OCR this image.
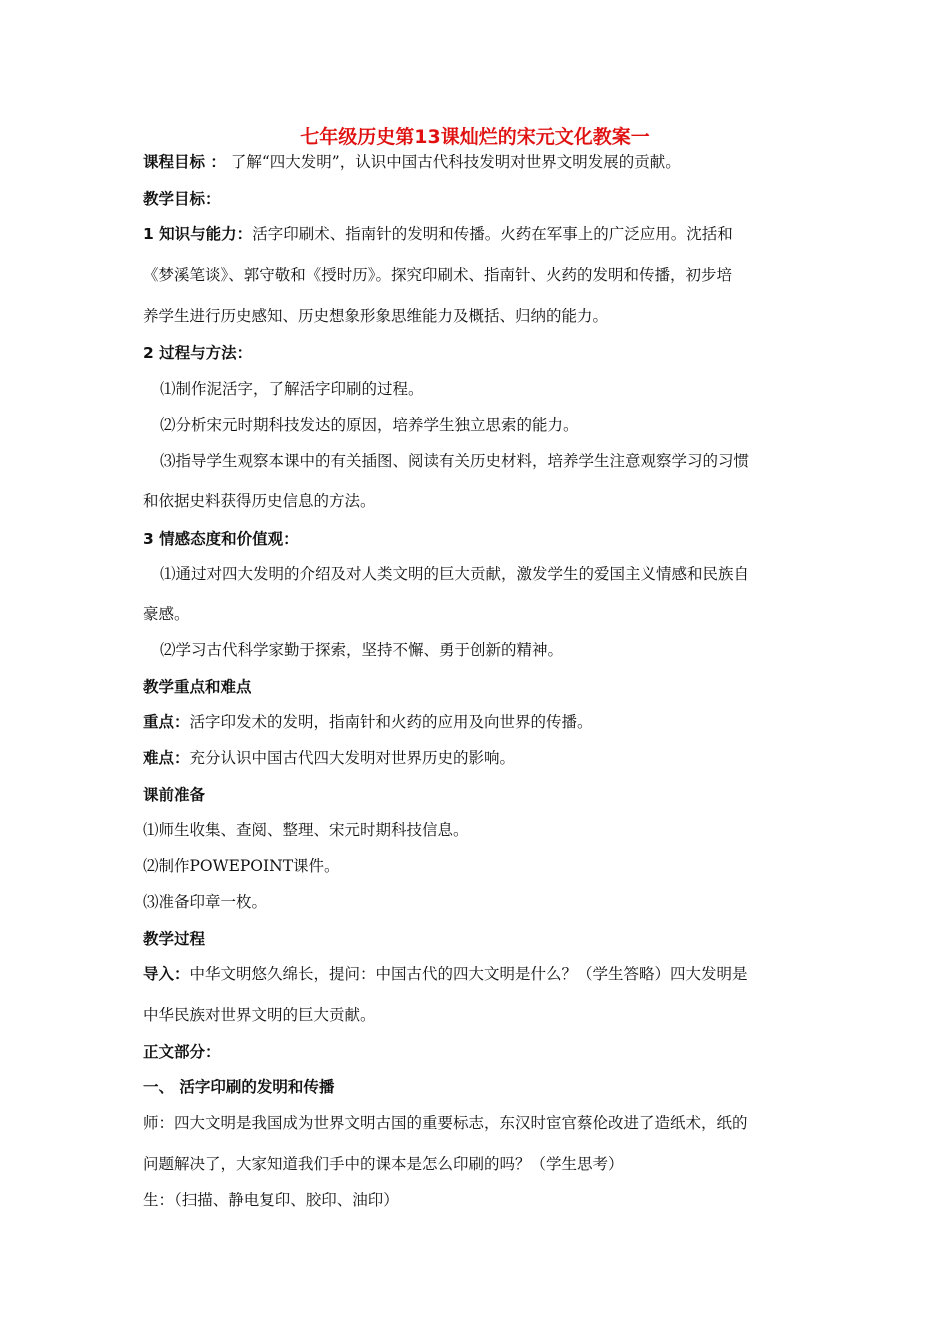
七年级历史第13课灿烂的宋元文化教案一
课程目标 ： 了解“四大发明”，认识中国古代科技发明对世界文明发展的贡献。
教学目标：
1 知识与能力：活字印刷术、指南针的发明和传播。火药在军事上的广泛应用。沈括和
《梦溪笔谈》、郭守敬和《授时历》。探究印刷术、指南针、火药的发明和传播，初步培
养学生进行历史感知、历史想象形象思维能力及概括、归纳的能力。
2 过程与方法：
⑴制作泥活字，了解活字印刷的过程。
⑵分析宋元时期科技发达的原因，培养学生独立思索的能力。
⑶指导学生观察本课中的有关插图、阅读有关历史材料，培养学生注意观察学习的习惯
和依据史料获得历史信息的方法。
3 情感态度和价值观：
⑴通过对四大发明的介绍及对人类文明的巨大贡献，激发学生的爱国主义情感和民族自
豪感。
⑵学习古代科学家勤于探索，坚持不懈、勇于创新的精神。
教学重点和难点
重点：活字印发术的发明，指南针和火药的应用及向世界的传播。
难点：充分认识中国古代四大发明对世界历史的影响。
课前准备
⑴师生收集、查阅、整理、宋元时期科技信息。
⑵制作POWEPOINT课件。
⑶准备印章一枚。
教学过程
导入：中华文明悠久绵长，提问：中国古代的四大文明是什么？（学生答略）四大发明是
中华民族对世界文明的巨大贡献。
正文部分：
一、 活字印刷的发明和传播
师：四大文明是我国成为世界文明古国的重要标志，东汉时宦官蔡伦改进了造纸术，纸的
问题解决了，大家知道我们手中的课本是怎么印刷的吗？（学生思考）
生：（扫描、静电复印、胶印、油印）
